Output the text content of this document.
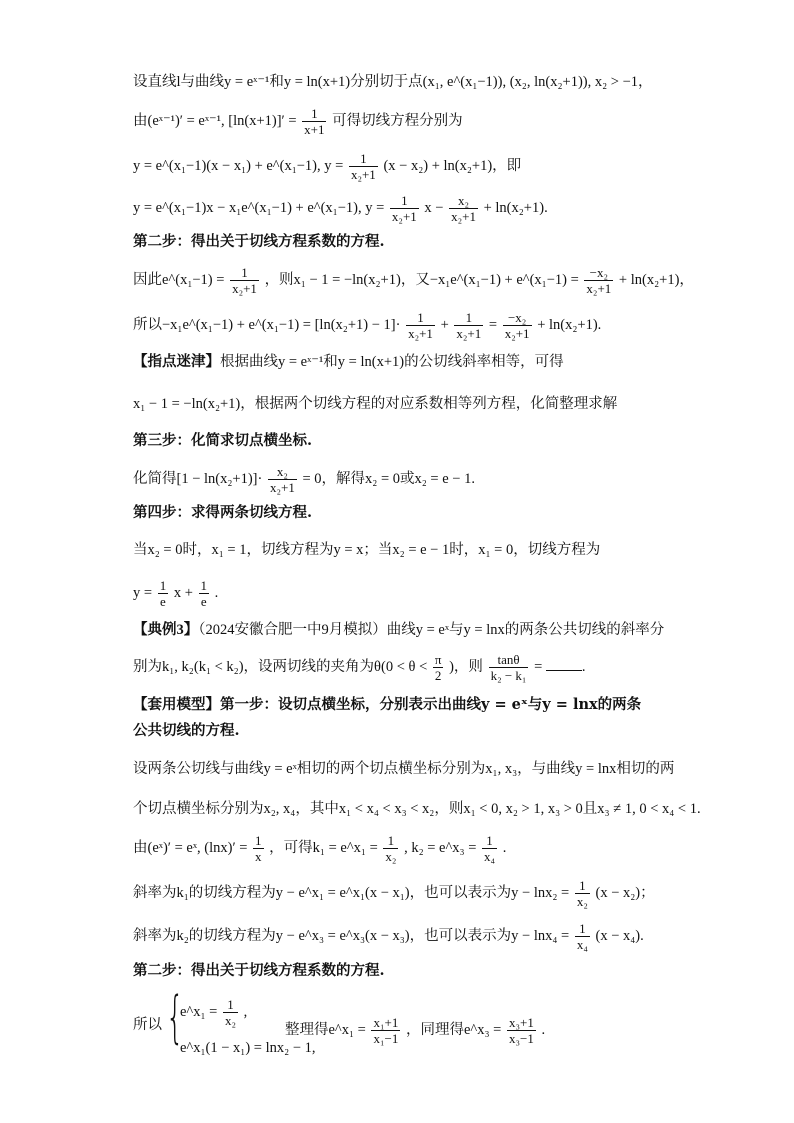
设直线l与曲线y = eˣ⁻¹和y = ln(x+1)分别切于点(x₁, e^(x₁−1)), (x₂, ln(x₂+1)), x₂ > −1，
由(eˣ⁻¹)′ = eˣ⁻¹, $[\ln(x+1)]' = \frac{1}{x+1}$ 可得切线方程分别为
y = e^(x₁−1)(x − x₁) + e^(x₁−1), $y = \frac{1}{\text{x₂+1}} (x - x_2) + \ln(x_2+1)$，即
y = e^(x₁−1)x − x₁e^(x₁−1) + e^(x₁−1), $y = \frac{1}{\text{x₂+1}}$ $x - \frac{\text{x₂}}{\text{x₂+1}} + \ln(x_2+1)$.
第二步：得出关于切线方程系数的方程.
因此e^(x₁−1) = $\frac{1}{\text{x₂+1}}$ ，则x₁ − 1 = −ln(x₂+1)，又−x₁e^(x₁−1) + e^(x₁−1) = $\frac{\text{−x₂}}{\text{x₂+1}} + \ln(x_2+1)$，
所以−x₁e^(x₁−1) + e^(x₁−1) = $[\ln(x_2+1) - 1]\cdot \frac{1}{\text{x₂+1}} + \frac{1}{\text{x₂+1}} = \frac{\text{−x₂}}{\text{x₂+1}} + \ln(x_2+1)$.
【指点迷津】根据曲线y = eˣ⁻¹和y = ln(x+1)的公切线斜率相等，可得
x₁ − 1 = −ln(x₂+1)，根据两个切线方程的对应系数相等列方程，化简整理求解
第三步：化简求切点横坐标.
化简得$[1 - \ln(x_2+1)]\cdot \frac{\text{x₂}}{\text{x₂+1}} = 0$，解得x₂ = 0或x₂ = e − 1.
第四步：求得两条切线方程.
当x₂ = 0时，x₁ = 1，切线方程为y = x；当x₂ = e − 1时，x₁ = 0，切线方程为
$y = \frac{1}{e}$ $x + \frac{1}{e}$ .
【典例3】（2024安徽合肥一中9月模拟）曲线y = eˣ与y = lnx的两条公共切线的斜率分
别为k₁, k₂(k₁ < k₂)，设两切线的夹角为$\theta(0 < \theta < \frac{\pi}{2}$ )，则 $\frac{\tan\theta}{\text{k₂ − k₁}}$ =	.
【套用模型】第一步：设切点横坐标，分别表示出曲线y = eˣ与y = lnx的两条
公共切线的方程.
设两条公切线与曲线y = eˣ相切的两个切点横坐标分别为x₁, x₃，与曲线y = lnx相切的两
个切点横坐标分别为x₂, x₄，其中x₁ < x₄ < x₃ < x₂，则x₁ < 0, x₂ > 1, x₃ > 0且x₃ ≠ 1, 0 < x₄ < 1.
由(eˣ)′ = eˣ, $(\ln x)' = \frac{1}{x}$ ，可得k₁ = e^x₁ = $\frac{1}{\text{x₂}}$ , k₂ = e^x₃ = $\frac{1}{\text{x₄}}$ .
斜率为k₁的切线方程为y − e^x₁ = e^x₁(x − x₁)，也可以表示为$y - \ln x_2 = \frac{1}{\text{x₂}} (x - x_2)$；
斜率为k₂的切线方程为y − e^x₃ = e^x₃(x − x₃)，也可以表示为$y - \ln x_4 = \frac{1}{\text{x₄}} (x - x_4)$.
第二步：得出关于切线方程系数的方程.
所以 {
e^x₁ = $\frac{1}{\text{x₂}}$ ,
e^x₁(1 − x₁) = lnx₂ − 1,
整理得e^x₁ = $\frac{\text{x₁+1}}{\text{x₁−1}}$ ，同理得e^x₃ = $\frac{\text{x₃+1}}{\text{x₃−1}}$ .
